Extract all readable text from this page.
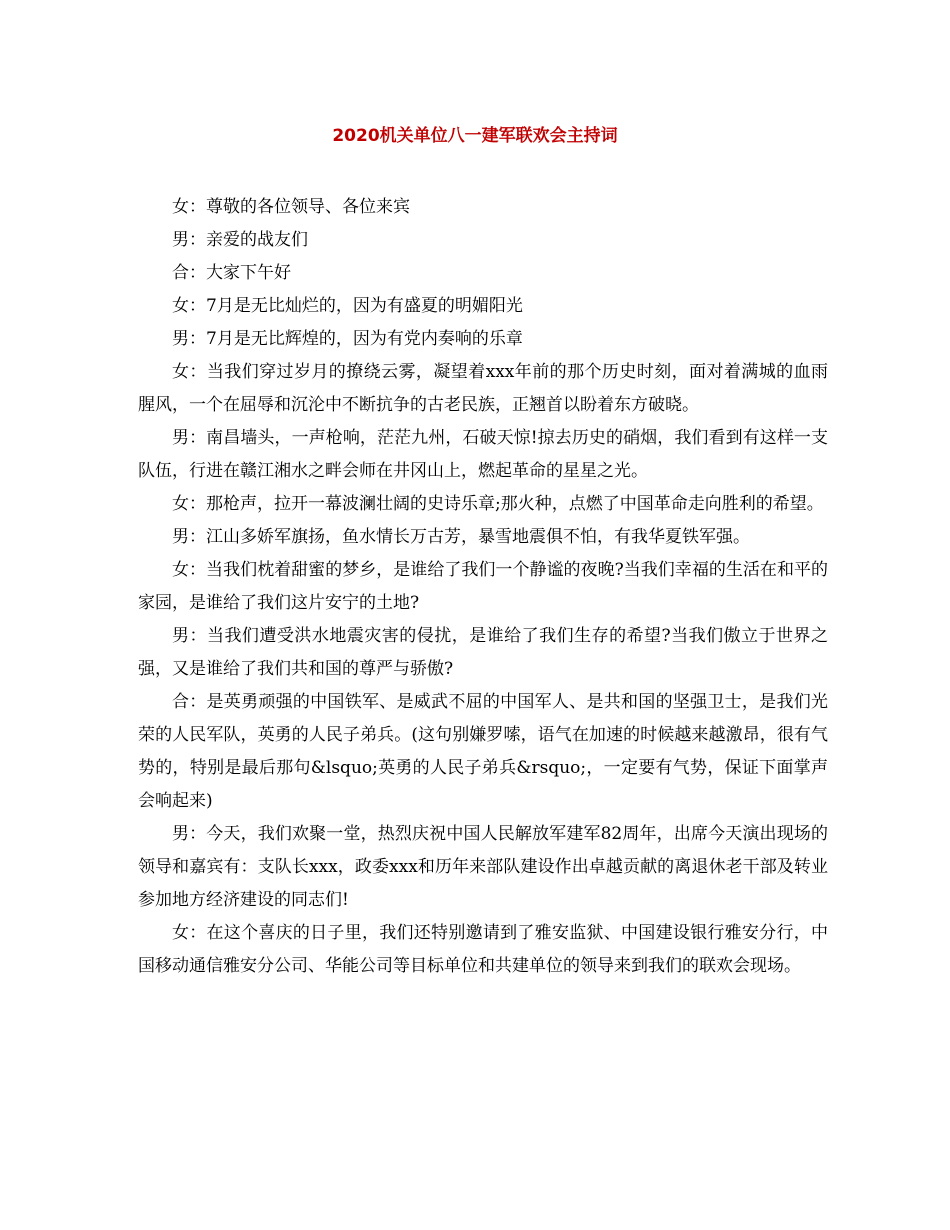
2020机关单位八一建军联欢会主持词

女：尊敬的各位领导、各位来宾

男：亲爱的战友们

合：大家下午好

女：7月是无比灿烂的，因为有盛夏的明媚阳光

男：7月是无比辉煌的，因为有党内奏响的乐章

女：当我们穿过岁月的撩绕云雾，凝望着xxx年前的那个历史时刻，面对着满城的血雨腥风，一个在屈辱和沉沦中不断抗争的古老民族，正翘首以盼着东方破晓。

男：南昌墙头，一声枪响，茫茫九州，石破天惊!掠去历史的硝烟，我们看到有这样一支队伍，行进在赣江湘水之畔会师在井冈山上，燃起革命的星星之光。

女：那枪声，拉开一幕波澜壮阔的史诗乐章;那火种，点燃了中国革命走向胜利的希望。

男：江山多娇军旗扬，鱼水情长万古芳，暴雪地震俱不怕，有我华夏铁军强。

女：当我们枕着甜蜜的梦乡，是谁给了我们一个静谧的夜晚?当我们幸福的生活在和平的家园，是谁给了我们这片安宁的土地?

男：当我们遭受洪水地震灾害的侵扰，是谁给了我们生存的希望?当我们傲立于世界之强，又是谁给了我们共和国的尊严与骄傲?

合：是英勇顽强的中国铁军、是威武不屈的中国军人、是共和国的坚强卫士，是我们光荣的人民军队，英勇的人民子弟兵。(这句别嫌罗嗦，语气在加速的时候越来越激昂，很有气势的，特别是最后那句&lsquo;英勇的人民子弟兵&rsquo;，一定要有气势，保证下面掌声会响起来)

男：今天，我们欢聚一堂，热烈庆祝中国人民解放军建军82周年，出席今天演出现场的领导和嘉宾有：支队长xxx，政委xxx和历年来部队建设作出卓越贡献的离退休老干部及转业参加地方经济建设的同志们!

女：在这个喜庆的日子里，我们还特别邀请到了雅安监狱、中国建设银行雅安分行，中国移动通信雅安分公司、华能公司等目标单位和共建单位的领导来到我们的联欢会现场。
